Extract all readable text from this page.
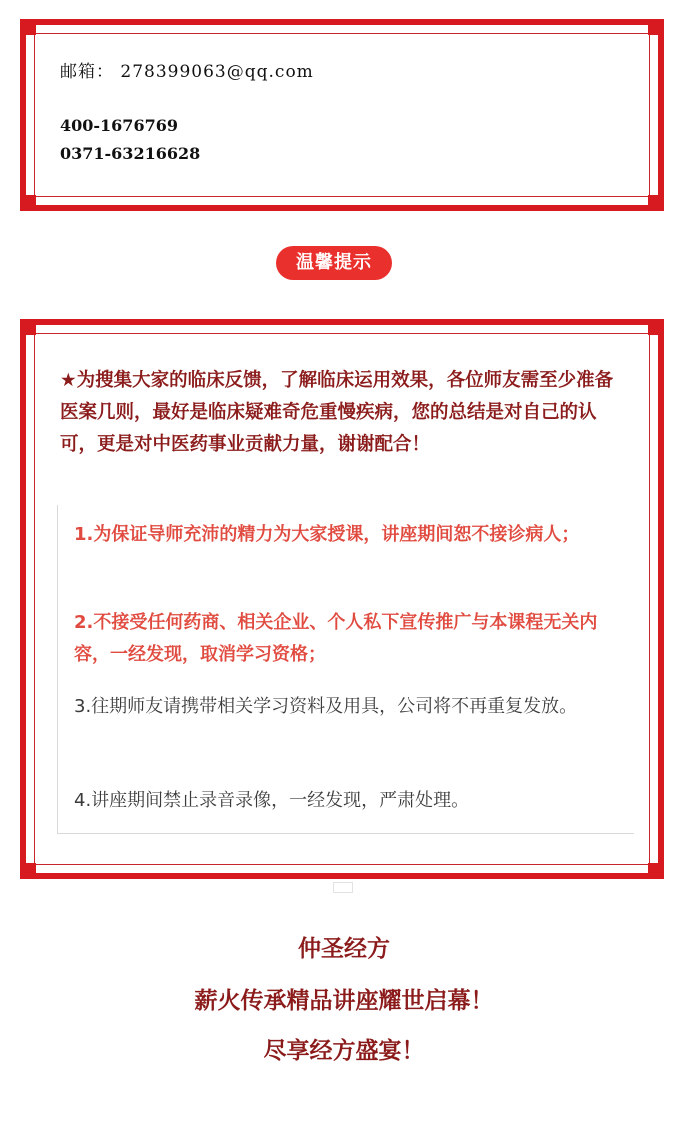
邮箱： 278399063@qq.com
400-1676769
0371-63216628
温馨提示
★为搜集大家的临床反馈，了解临床运用效果，各位师友需至少准备医案几则，最好是临床疑难奇危重慢疾病，您的总结是对自己的认可，更是对中医药事业贡献力量，谢谢配合！
1.为保证导师充沛的精力为大家授课，讲座期间恕不接诊病人；
2.不接受任何药商、相关企业、个人私下宣传推广与本课程无关内容，一经发现，取消学习资格；
3.往期师友请携带相关学习资料及用具，公司将不再重复发放。
4.讲座期间禁止录音录像，一经发现，严肃处理。
仲圣经方
薪火传承精品讲座耀世启幕！
尽享经方盛宴！
